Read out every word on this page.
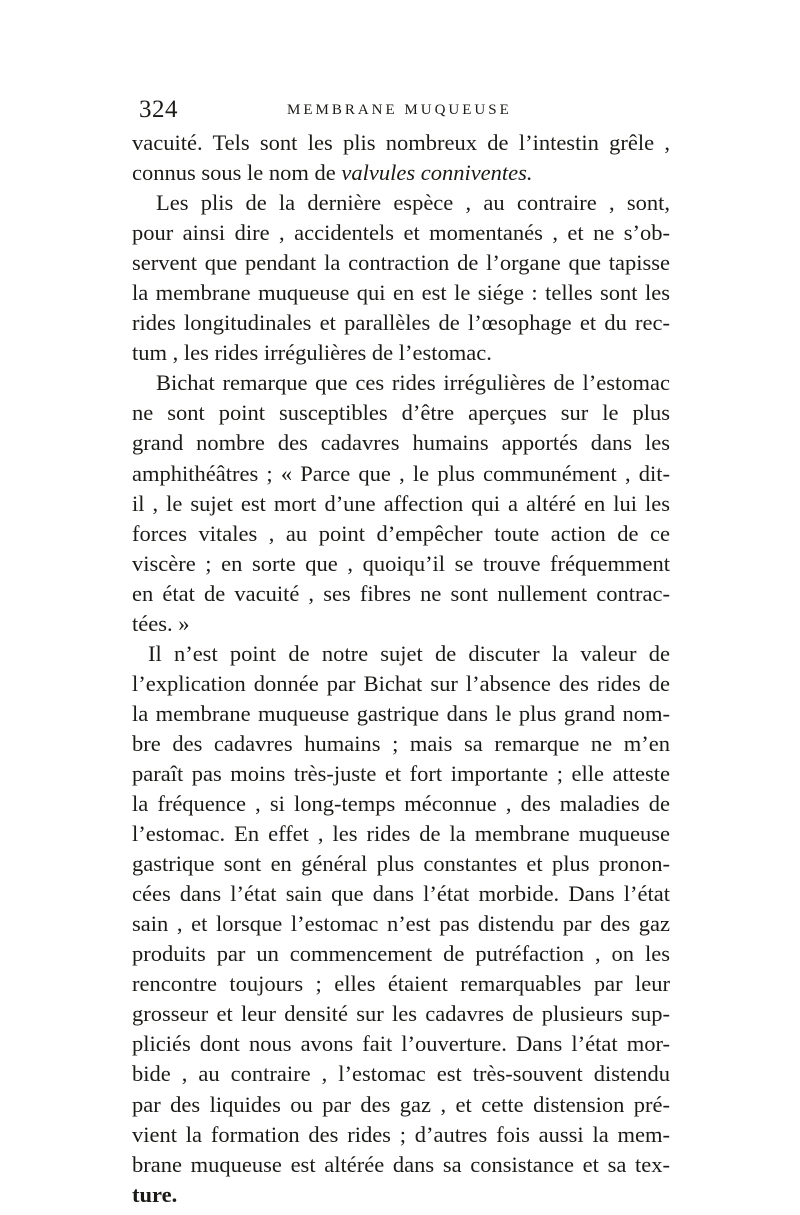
324	MEMBRANE MUQUEUSE
vacuité. Tels sont les plis nombreux de l’intestin grêle ,
connus sous le nom de valvules conniventes.
Les plis de la dernière espèce , au contraire , sont,
pour ainsi dire , accidentels et momentanés , et ne s’ob-
servent que pendant la contraction de l’organe que tapisse
la membrane muqueuse qui en est le siége : telles sont les
rides longitudinales et parallèles de l’œsophage et du rec-
tum , les rides irrégulières de l’estomac.
Bichat remarque que ces rides irrégulières de l’estomac
ne sont point susceptibles d’être aperçues sur le plus
grand nombre des cadavres humains apportés dans les
amphithéâtres ; « Parce que , le plus communément , dit-
il , le sujet est mort d’une affection qui a altéré en lui les
forces vitales , au point d’empêcher toute action de ce
viscère ; en sorte que , quoiqu’il se trouve fréquemment
en état de vacuité , ses fibres ne sont nullement contrac-
tées. »
Il n’est point de notre sujet de discuter la valeur de
l’explication donnée par Bichat sur l’absence des rides de
la membrane muqueuse gastrique dans le plus grand nom-
bre des cadavres humains ; mais sa remarque ne m’en
paraît pas moins très-juste et fort importante ; elle atteste
la fréquence , si long-temps méconnue , des maladies de
l’estomac. En effet , les rides de la membrane muqueuse
gastrique sont en général plus constantes et plus pronon-
cées dans l’état sain que dans l’état morbide. Dans l’état
sain , et lorsque l’estomac n’est pas distendu par des gaz
produits par un commencement de putréfaction , on les
rencontre toujours ; elles étaient remarquables par leur
grosseur et leur densité sur les cadavres de plusieurs sup-
pliciés dont nous avons fait l’ouverture. Dans l’état mor-
bide , au contraire , l’estomac est très-souvent distendu
par des liquides ou par des gaz , et cette distension pré-
vient la formation des rides ; d’autres fois aussi la mem-
brane muqueuse est altérée dans sa consistance et sa tex-
ture.
